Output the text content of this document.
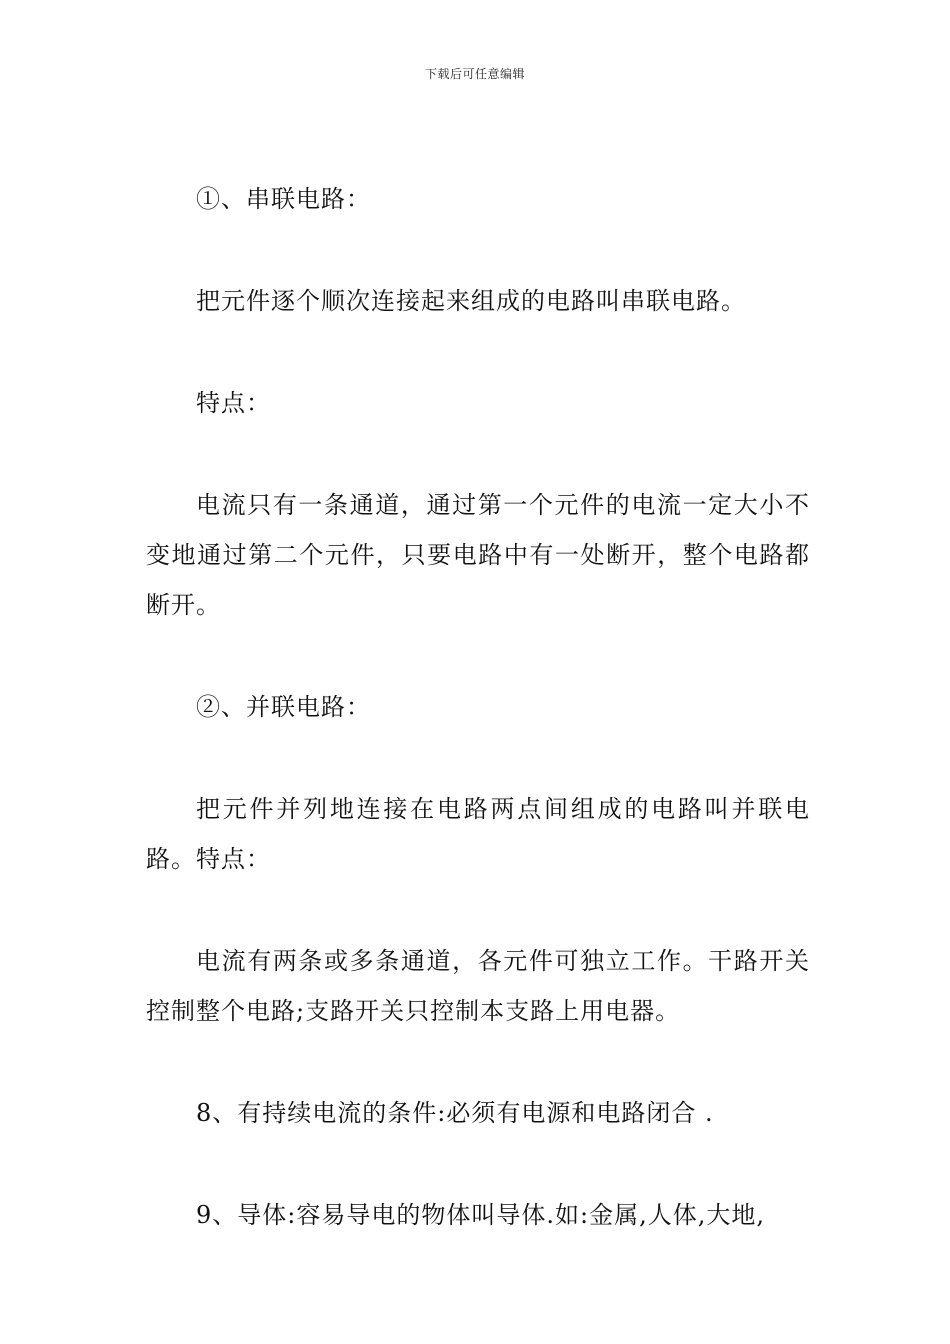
下载后可任意编辑

①、串联电路：

把元件逐个顺次连接起来组成的电路叫串联电路。

特点：

电流只有一条通道，通过第一个元件的电流一定大小不变地通过第二个元件，只要电路中有一处断开，整个电路都断开。

②、并联电路：

把元件并列地连接在电路两点间组成的电路叫并联电路。特点：

电流有两条或多条通道，各元件可独立工作。干路开关控制整个电路;支路开关只控制本支路上用电器。

8、有持续电流的条件:必须有电源和电路闭合 .

9、导体:容易导电的物体叫导体.如:金属,人体,大地,
